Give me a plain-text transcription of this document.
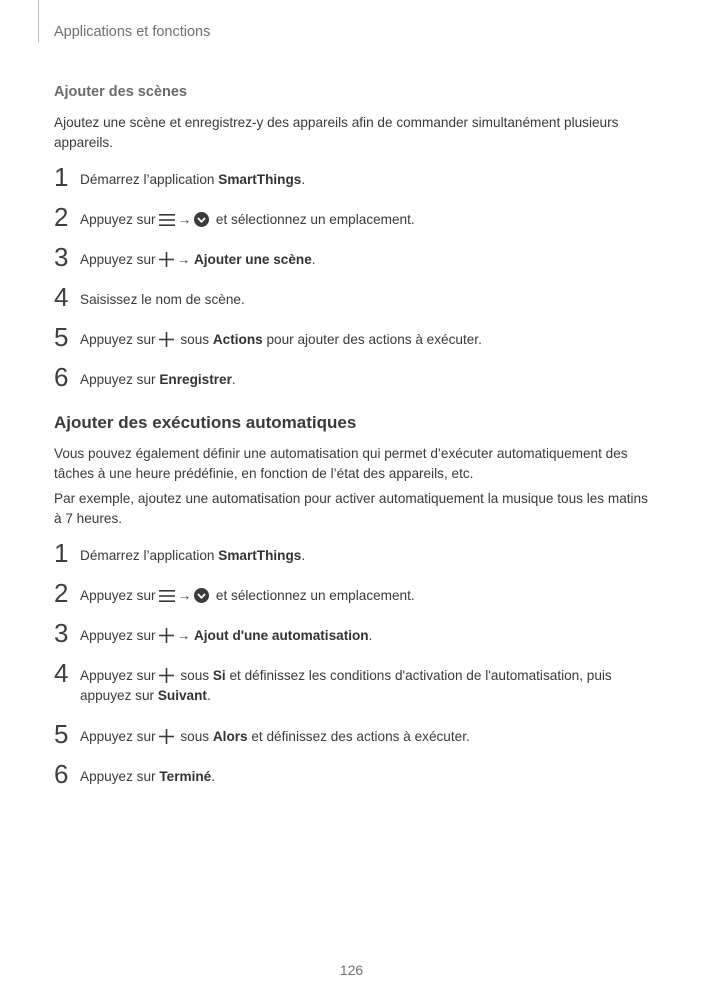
Applications et fonctions
Ajouter des scènes
Ajoutez une scène et enregistrez-y des appareils afin de commander simultanément plusieurs appareils.
1 Démarrez l’application SmartThings.
2 Appuyez sur →
et sélectionnez un emplacement.
3 Appuyez sur → Ajouter une scène.
4 Saisissez le nom de scène.
5 Appuyez sur
sous Actions pour ajouter des actions à exécuter.
6 Appuyez sur Enregistrer.
Ajouter des exécutions automatiques
Vous pouvez également définir une automatisation qui permet d’exécuter automatiquement des tâches à une heure prédéfinie, en fonction de l’état des appareils, etc.
Par exemple, ajoutez une automatisation pour activer automatiquement la musique tous les matins à 7 heures.
1 Démarrez l’application SmartThings.
2 Appuyez sur →
et sélectionnez un emplacement.
3 Appuyez sur → Ajout d'une automatisation.
4 Appuyez sur
sous Si et définissez les conditions d'activation de l'automatisation, puis appuyez sur Suivant.
5 Appuyez sur
sous Alors et définissez des actions à exécuter.
6 Appuyez sur Terminé.
126
